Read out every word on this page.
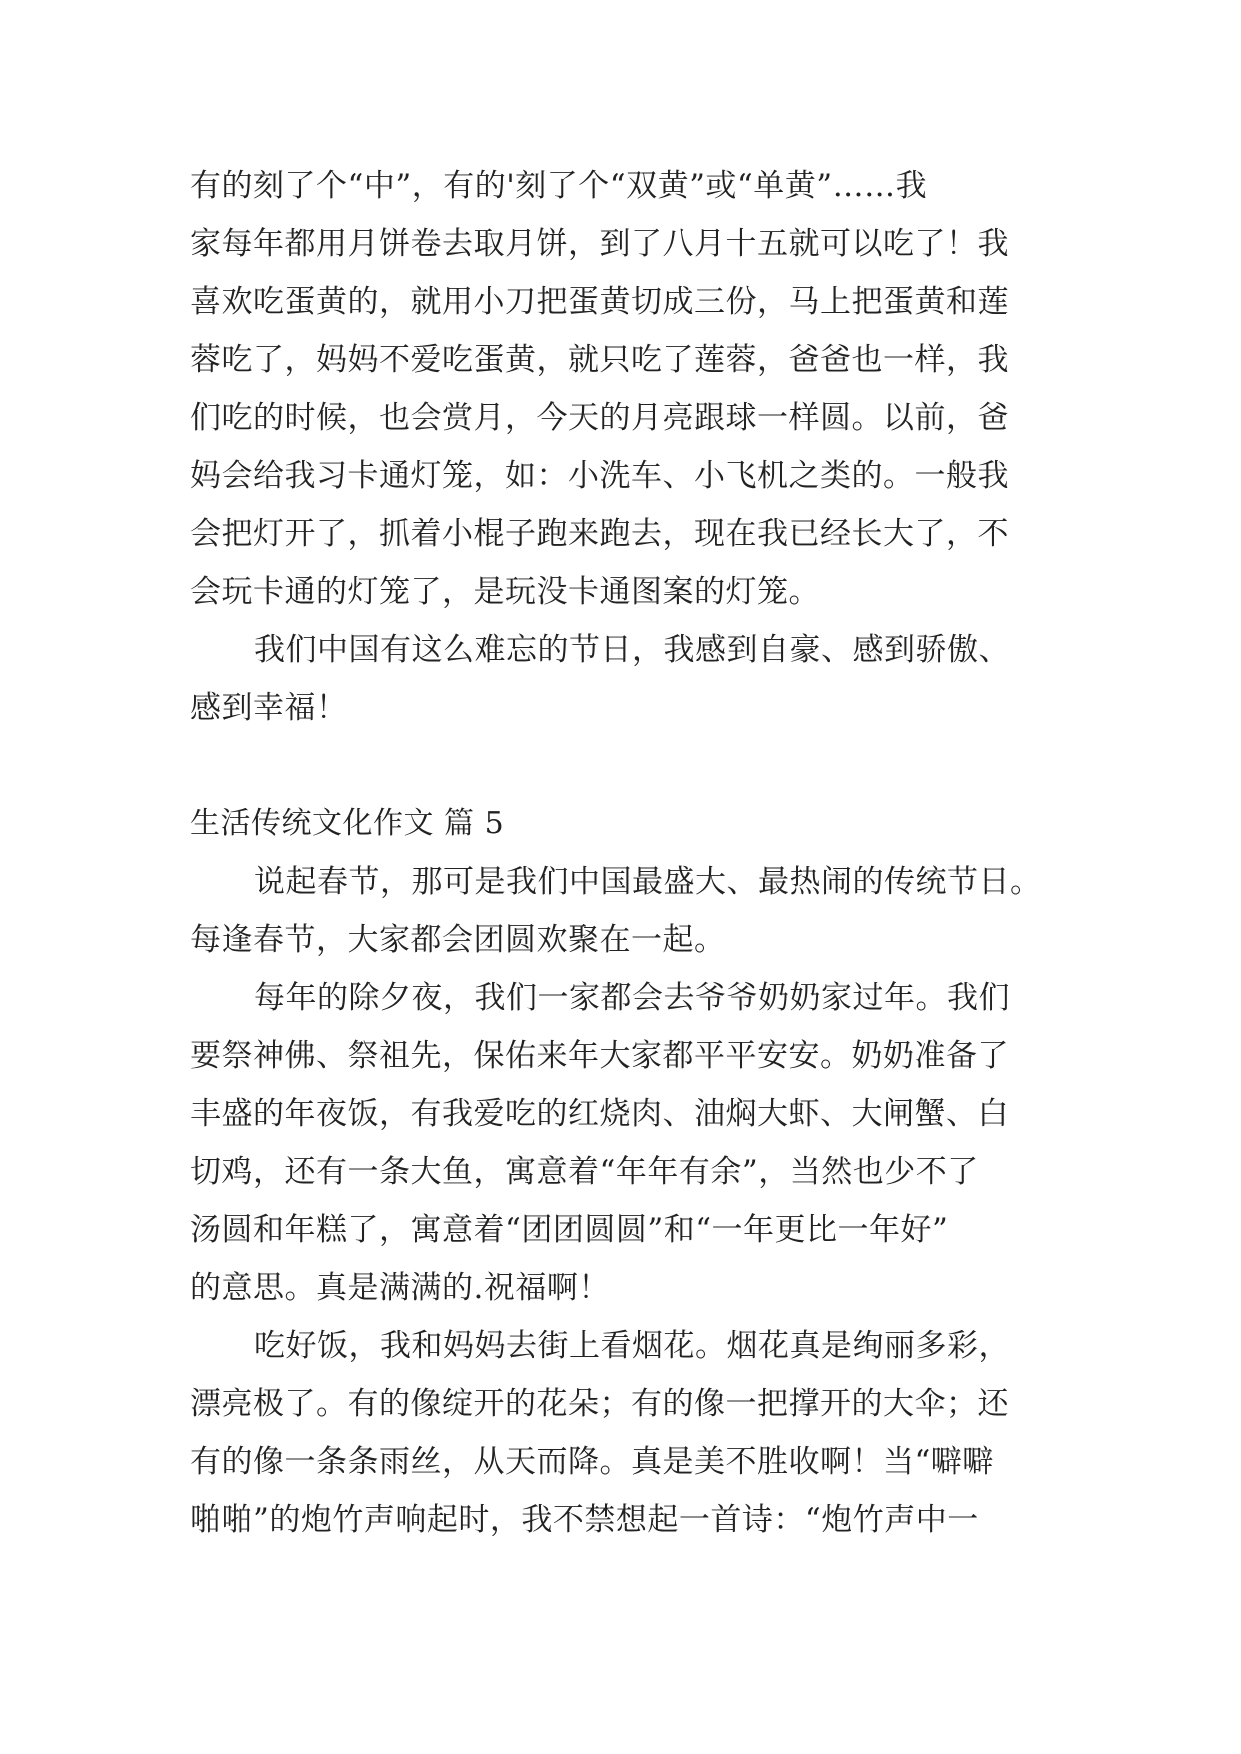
有的刻了个“中”，有的'刻了个“双黄”或“单黄”……我
家每年都用月饼卷去取月饼，到了八月十五就可以吃了！我
喜欢吃蛋黄的，就用小刀把蛋黄切成三份，马上把蛋黄和莲
蓉吃了，妈妈不爱吃蛋黄，就只吃了莲蓉，爸爸也一样，我
们吃的时候，也会赏月，今天的月亮跟球一样圆。以前，爸
妈会给我习卡通灯笼，如：小洗车、小飞机之类的。一般我
会把灯开了，抓着小棍子跑来跑去，现在我已经长大了，不
会玩卡通的灯笼了，是玩没卡通图案的灯笼。
我们中国有这么难忘的节日，我感到自豪、感到骄傲、
感到幸福！
生活传统文化作文 篇 5
说起春节，那可是我们中国最盛大、最热闹的传统节日。
每逢春节，大家都会团圆欢聚在一起。
每年的除夕夜，我们一家都会去爷爷奶奶家过年。我们
要祭神佛、祭祖先，保佑来年大家都平平安安。奶奶准备了
丰盛的年夜饭，有我爱吃的红烧肉、油焖大虾、大闸蟹、白
切鸡，还有一条大鱼，寓意着“年年有余”，当然也少不了
汤圆和年糕了，寓意着“团团圆圆”和“一年更比一年好”
的意思。真是满满的.祝福啊！
吃好饭，我和妈妈去街上看烟花。烟花真是绚丽多彩，
漂亮极了。有的像绽开的花朵；有的像一把撑开的大伞；还
有的像一条条雨丝，从天而降。真是美不胜收啊！当“噼噼
啪啪”的炮竹声响起时，我不禁想起一首诗：“炮竹声中一
